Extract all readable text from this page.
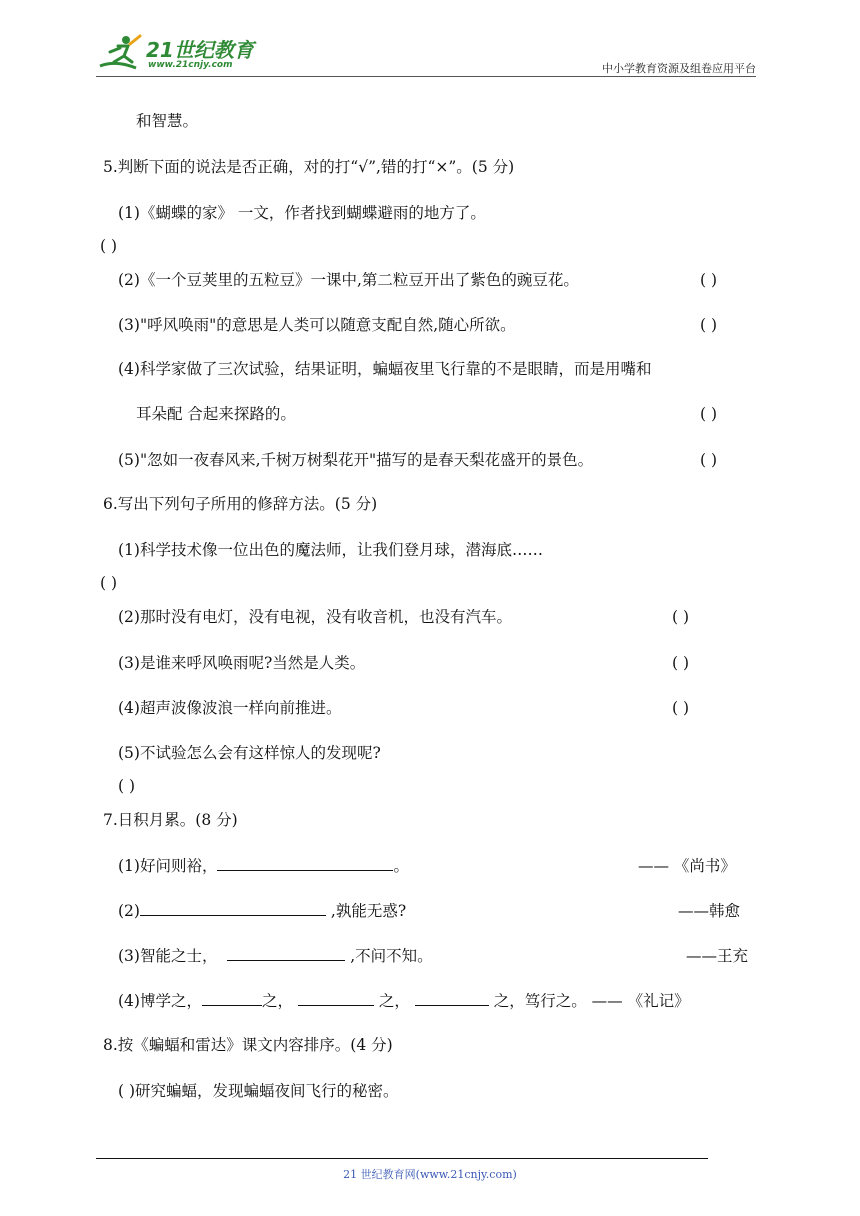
21世纪教育
www.21cnjy.com	中小学教育资源及组卷应用平台
和智慧。
5.判断下面的说法是否正确，对的打“√”,错的打“×”。(5 分)
(1)《蝴蝶的家》 一文，作者找到蝴蝶避雨的地方了。
( )
(2)《一个豆荚里的五粒豆》一课中,第二粒豆开出了紫色的豌豆花。	( )
(3)"呼风唤雨"的意思是人类可以随意支配自然,随心所欲。	( )
(4)科学家做了三次试验，结果证明，蝙蝠夜里飞行靠的不是眼睛，而是用嘴和
耳朵配 合起来探路的。	( )
(5)"忽如一夜春风来,千树万树梨花开"描写的是春天梨花盛开的景色。	( )
6.写出下列句子所用的修辞方法。(5 分)
(1)科学技术像一位出色的魔法师，让我们登月球，潜海底……
( )
(2)那时没有电灯，没有电视，没有收音机，也没有汽车。	( )
(3)是谁来呼风唤雨呢?当然是人类。	( )
(4)超声波像波浪一样向前推进。	( )
(5)不试验怎么会有这样惊人的发现呢?
( )
7.日积月累。(8 分)
(1)好问则裕，	。	—— 《尚书》
(2)	,孰能无惑?	——韩愈
(3)智能之士，	,不问不知。	——王充
(4)博学之，	之，	之，	之，笃行之。 —— 《礼记》
8.按《蝙蝠和雷达》课文内容排序。(4 分)
( )研究蝙蝠，发现蝙蝠夜间飞行的秘密。
21 世纪教育网(www.21cnjy.com)
